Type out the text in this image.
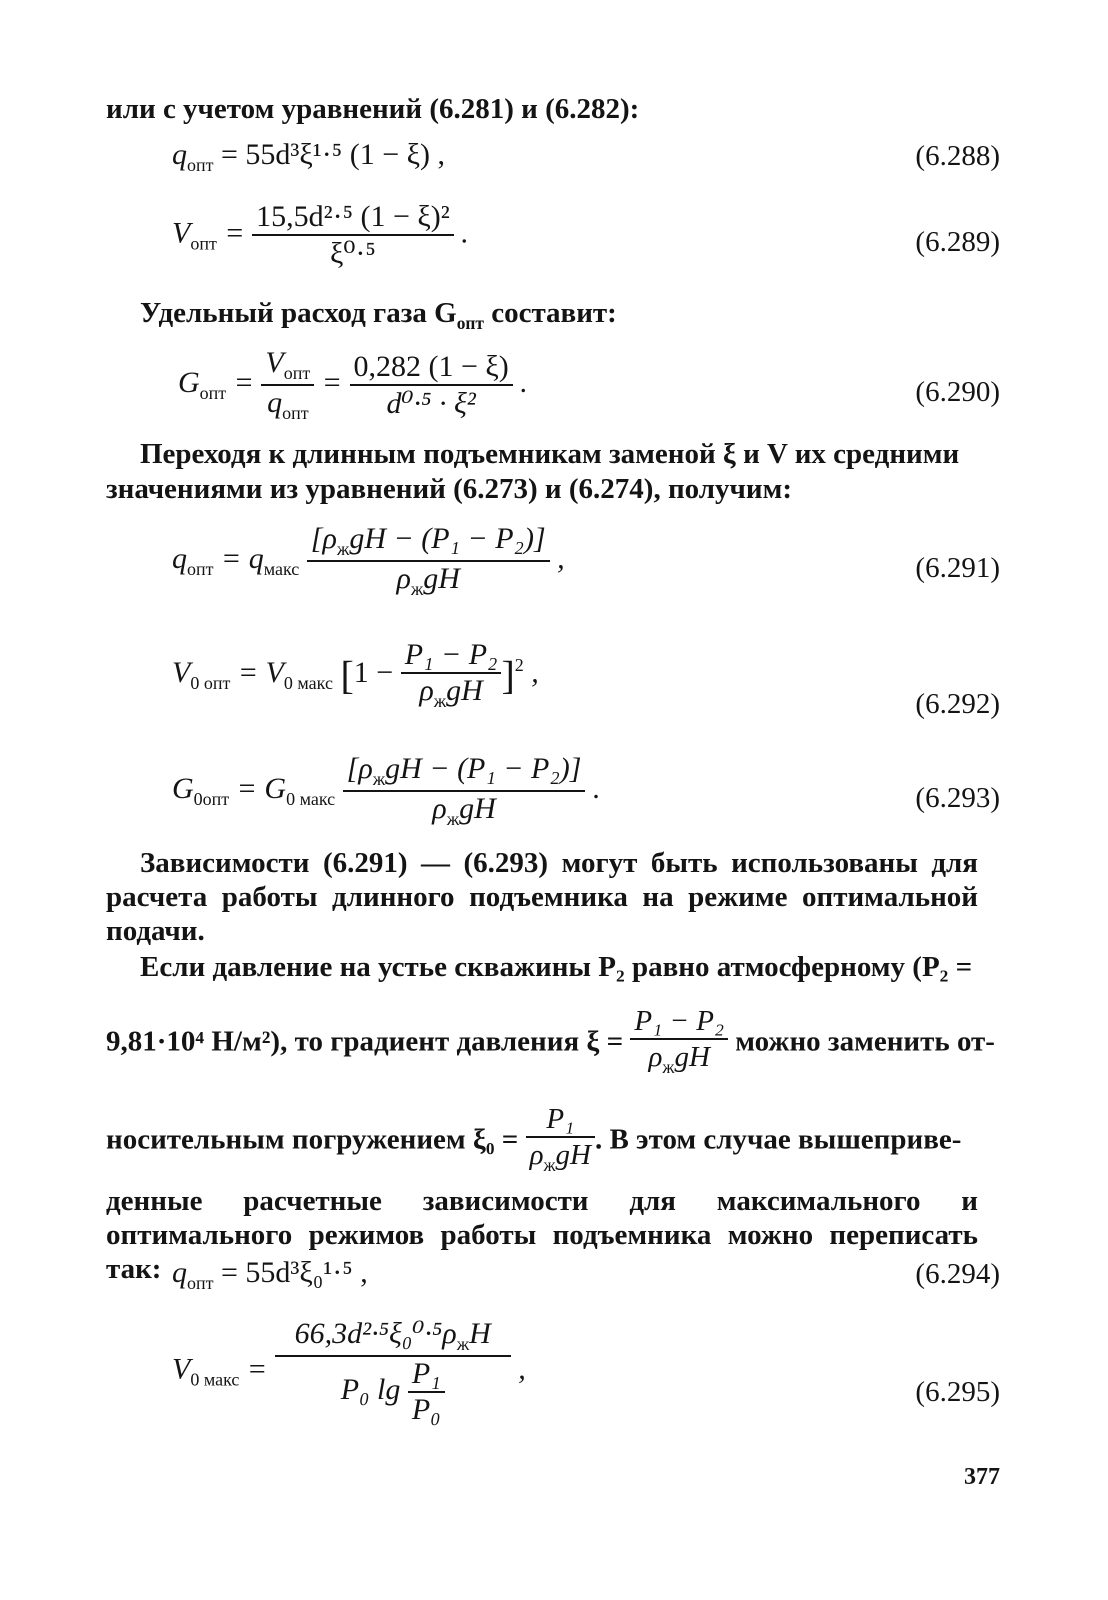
или с учетом уравнений (6.281) и (6.282):
$q_{опт} = 55d^3\xi^1\cdot^5$ (1 − ξ) ,	(6.288)
$V_{опт} = \frac{\text{15,5d²·⁵ (1 − ξ)²}}{\text{ξ⁰·⁵}}$ .	(6.289)
Удельный расход газа $G_{опт}$ составит:
$G_{опт} = \frac{V_{опт}}{q_{опт}} = \frac{0,282 (1 - \xi)}{\text{d⁰·⁵ · ξ²}}$ .	(6.290)
Переходя к длинным подъемникам заменой ξ и V их средними
значениями из уравнений (6.273) и (6.274), получим:
$q_{опт} = q_{макс} \frac{[\rho_жgH - (P_1 - P_2)]}{\rho_жgH}$ ,	(6.291)
$V_{0 опт} = V_{0 макс}$ $[1 - \frac{\text{P₁ − P₂}}{\rho_жgH} ]^2$ ,
(6.292)
$G_{0опт} = G_{0 макс} \frac{[\rho_жgH - (P_1 - P_2)]}{\rho_жgH}$ .	(6.293)
Зависимости (6.291) — (6.293) могут быть использованы для расчета работы длинного подъемника на режиме оптимальной подачи.
Если давление на устье скважины P₂ равно атмосферному (P₂ =
9,81·10⁴ Н/м²), то градиент давления $\xi = \frac{\text{P₁ − P₂}}{\rho_жgH}$ можно заменить от-
носительным погружением $\xi_0 = \frac{\text{P₁}}{\rho_жgH}$ . В этом случае вышеприве-
денные расчетные зависимости для максимального и оптимального режимов работы подъемника можно переписать так: $q_{опт} = 55d^3\xi_0^1\cdot^5$ ,	(6.294)
$V_{0 макс} = \frac{66,3d^2\cdot^5\xi_0^0\cdot^5\rho_жH}{P_0 \lg \frac{\text{P₁}}{\text{P₀}}}$ ,
(6.295)
377
